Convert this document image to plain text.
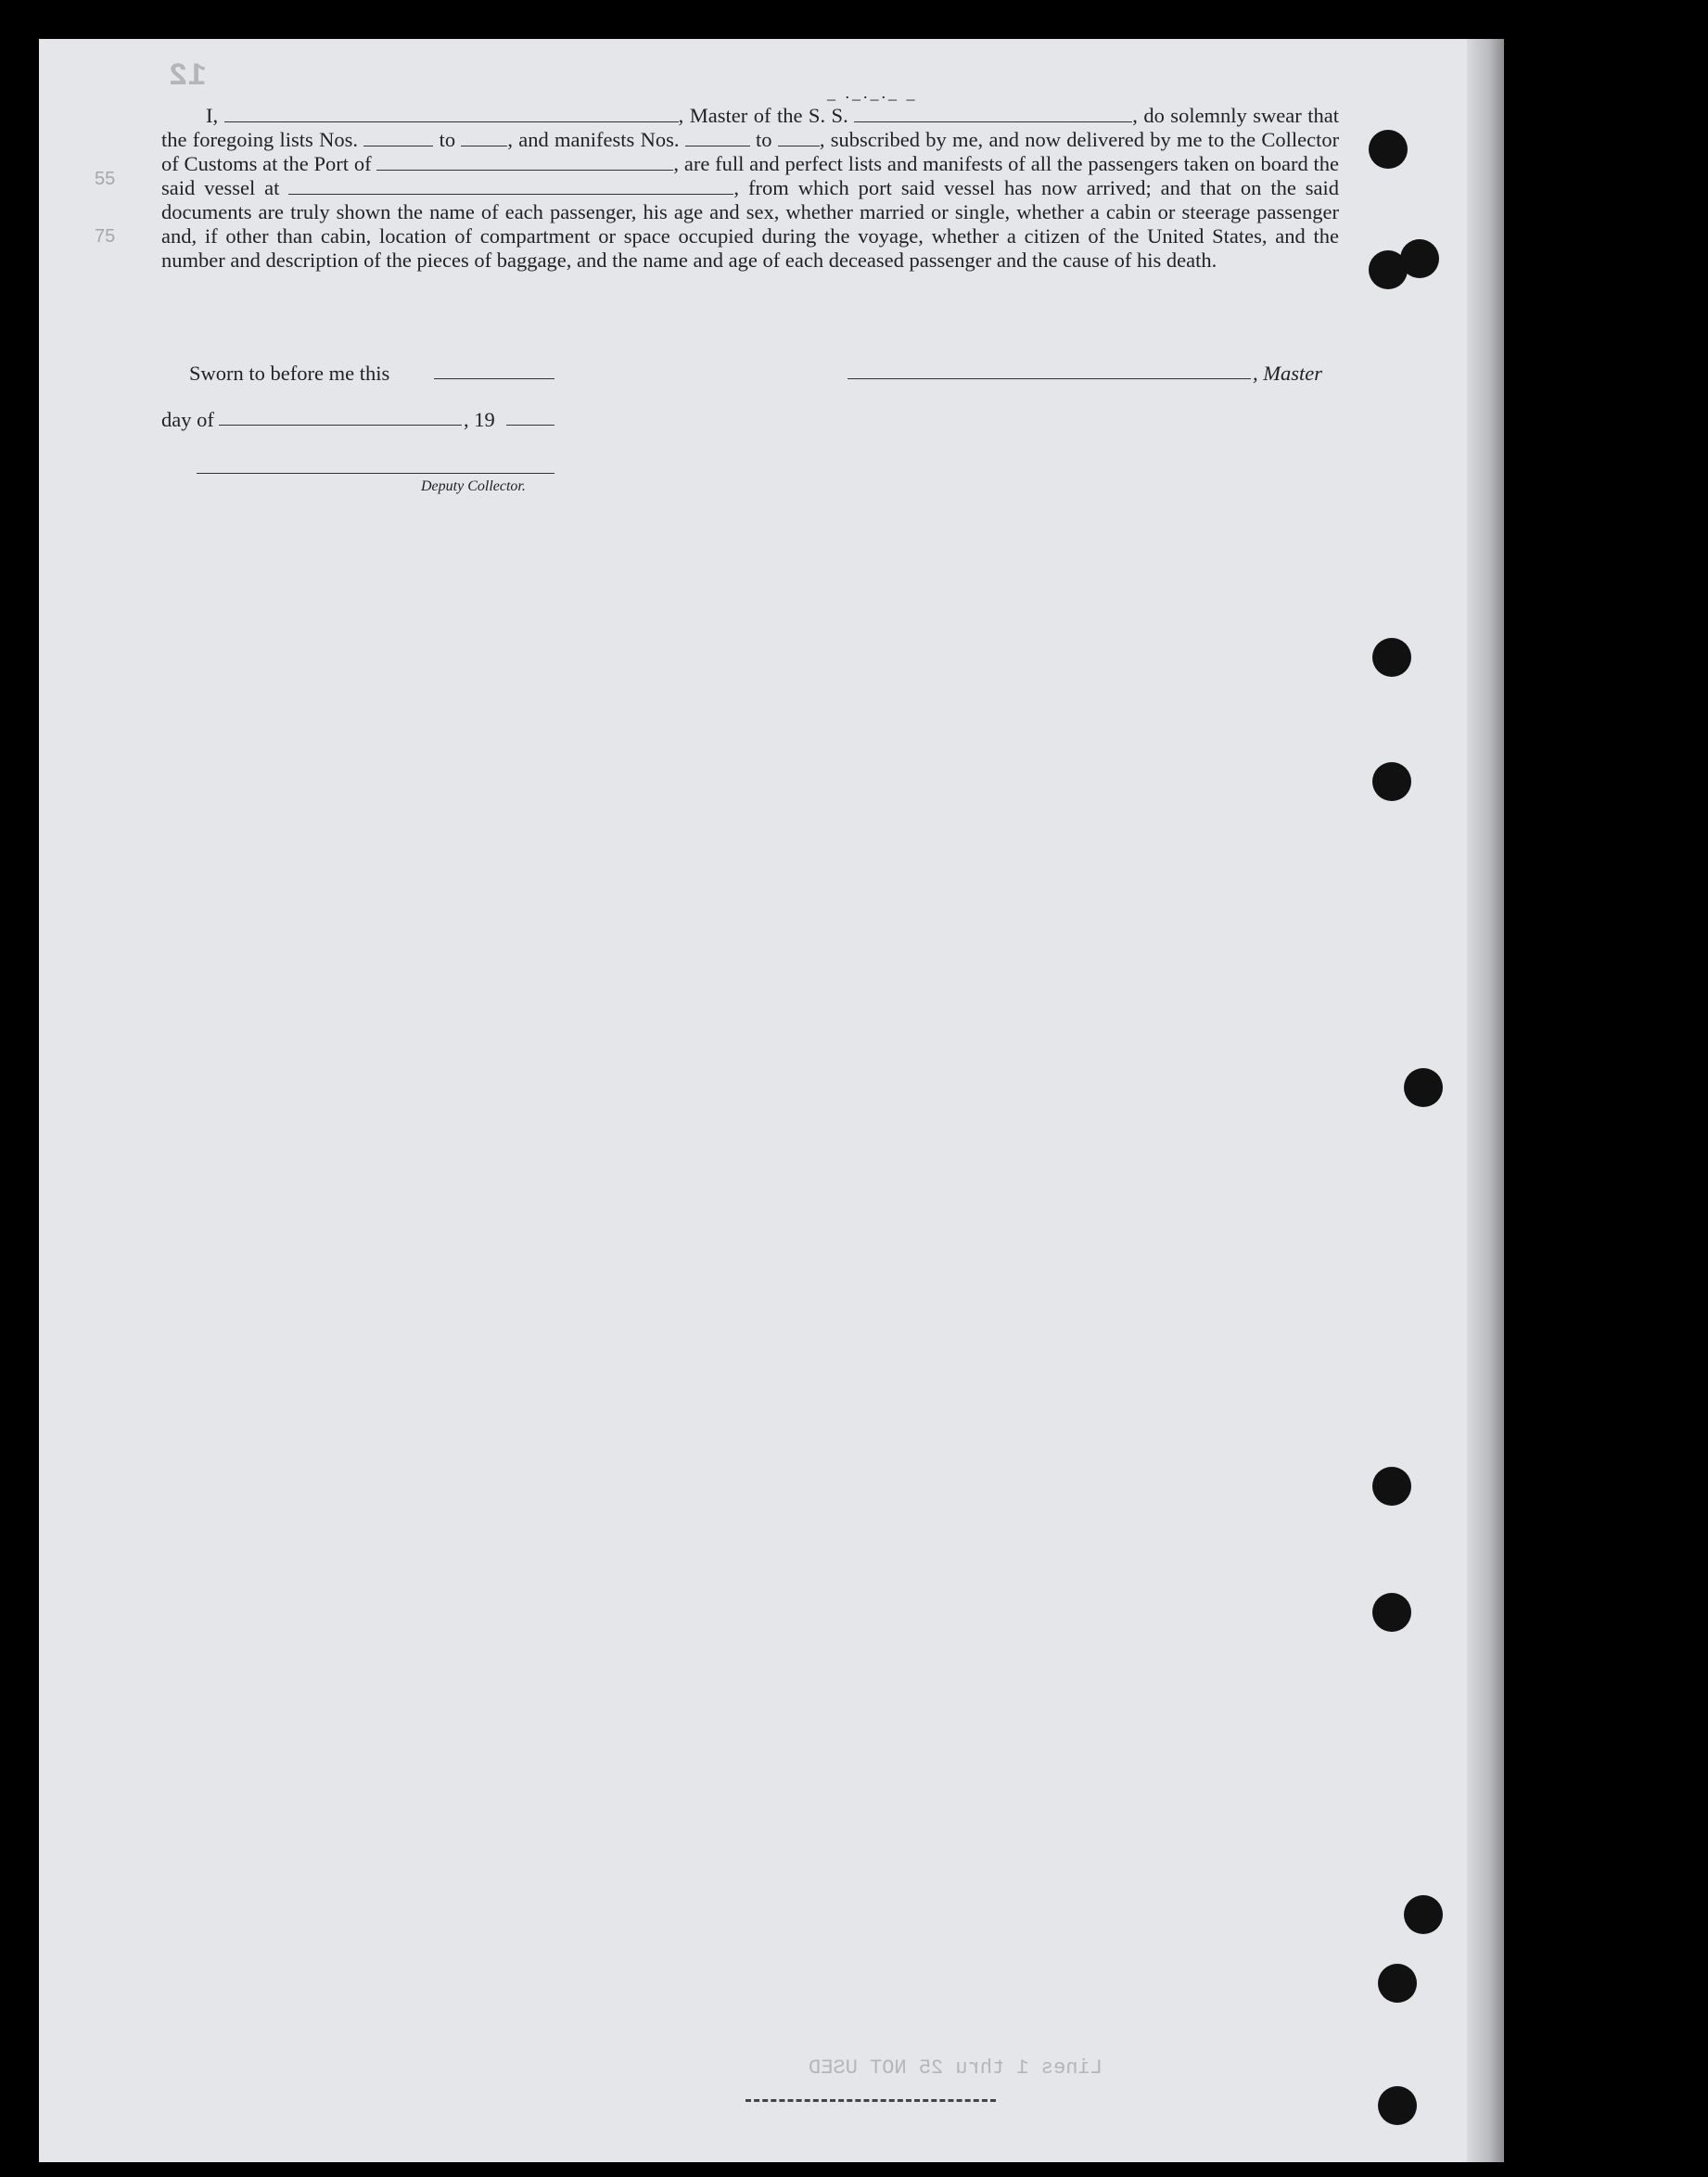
_ ._._._ _
12
55
75
I,	, Master of the S. S.	, do solemnly swear that the foregoing lists Nos.	to	, and manifests Nos.	to , subscribed by me, and now delivered by me to the Collector of Customs at the Port of	, are full and perfect lists and manifests of all the passengers taken on board the said vessel at	, from which port said vessel has now arrived; and that on the said documents are truly shown the name of each passenger, his age and sex, whether married or single, whether a cabin or steerage passenger and, if other than cabin, location of compartment or space occupied during the voyage, whether a citizen of the United States, and the number and description of the pieces of baggage, and the name and age of each deceased passenger and the cause of his death.
Sworn to before me this	, Master
day of	, 19
Deputy Collector.
Lines 1 thru 25 NOT USED
